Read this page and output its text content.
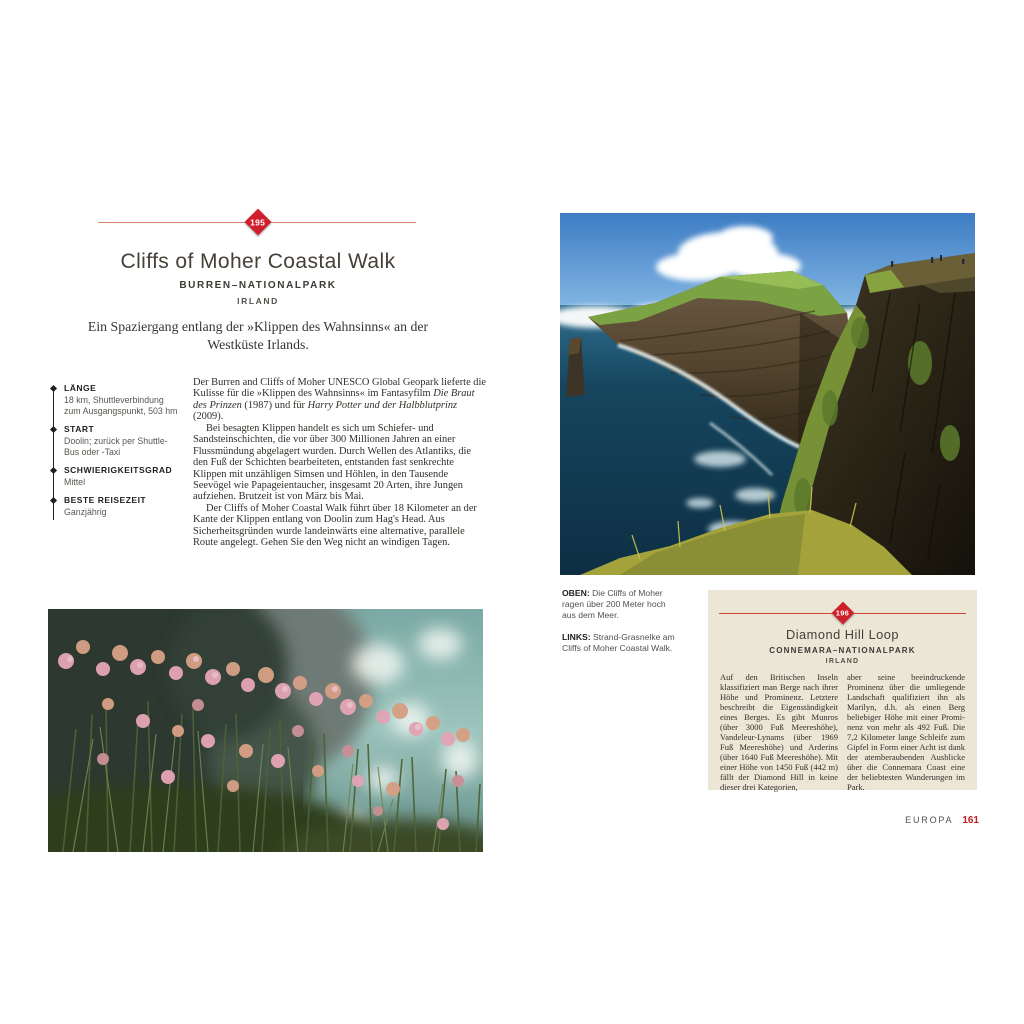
195
Cliffs of Moher Coastal Walk
BURREN–NATIONALPARK
IRLAND

Ein Spaziergang entlang der »Klippen des Wahnsinns« an der Westküste Irlands.

LÄNGE
18 km, Shuttleverbindung zum Ausgangspunkt, 503 hm
START
Doolin; zurück per Shuttle-Bus oder -Taxi
SCHWIERIGKEITSGRAD
Mittel
BESTE REISEZEIT
Ganzjährig

Der Burren and Cliffs of Moher UNESCO Global Geopark lieferte die Kulisse für die »Klippen des Wahnsinns« im Fantasyfilm Die Braut des Prinzen (1987) und für Harry Potter und der Halbblutprinz (2009).

Bei besagten Klippen handelt es sich um Schiefer- und Sandsteinschichten, die vor über 300 Millionen Jahren an einer Flussmündung abgelagert wurden. Durch Wellen des Atlantiks, die den Fuß der Schichten bearbeiteten, entstanden fast senkrechte Klippen mit unzähligen Simsen und Höhlen, in den Tausende Seevögel wie Papageientaucher, insgesamt 20 Arten, ihre Jungen aufziehen. Brutzeit ist von März bis Mai.

Der Cliffs of Moher Coastal Walk führt über 18 Kilometer an der Kante der Klippen entlang von Doolin zum Hag's Head. Aus Sicherheitsgründen wurde landeinwärts eine alternative, parallele Route angelegt. Gehen Sie den Weg nicht an windigen Tagen.

OBEN: Die Cliffs of Moher ragen über 200 Meter hoch aus dem Meer.

LINKS: Strand-Grasnelke am Cliffs of Moher Coastal Walk.

196
Diamond Hill Loop
CONNEMARA–NATIONALPARK
IRLAND
Auf den Britischen Inseln klassifiziert man Berge nach ihrer Höhe und Prominenz. Letztere beschreibt die Eigenständigkeit eines Berges. Es gibt Munros (über 3000 Fuß Meereshöhe), Vandeleur-Lynams (über 1969 Fuß Meereshöhe) und Arderins (über 1640 Fuß Meereshöhe). Mit einer Höhe von 1450 Fuß (442 m) fällt der Diamond Hill in keine dieser drei Kategorien,
aber seine beeindruckende Prominenz über die umliegende Landschaft qualifiziert ihn als Marilyn, d.h. als einen Berg beliebiger Höhe mit einer Prominenz von mehr als 492 Fuß. Die 7,2 Kilometer lange Schleife zum Gipfel in Form einer Acht ist dank der atemberaubenden Ausblicke über die Connemara Coast eine der beliebtesten Wanderungen im Park.
EUROPA 161
